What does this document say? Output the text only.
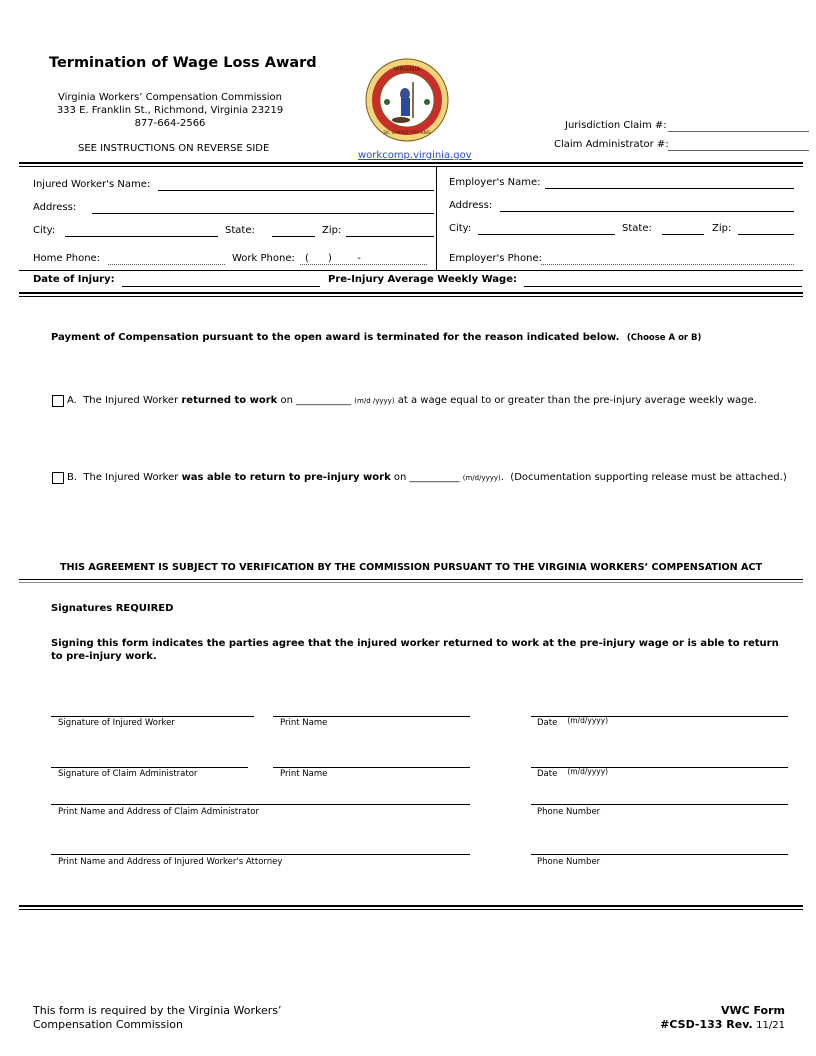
Termination of Wage Loss Award
Virginia Workers’ Compensation Commission
333 E. Franklin St., Richmond, Virginia 23219
877-664-2566
SEE INSTRUCTIONS ON REVERSE SIDE
VIRGINIA
SIC SEMPER TYRANNIS
workcomp.virginia.gov
Jurisdiction Claim #:
Claim Administrator #:
Injured Worker's Name:
Address:
City:	State:	Zip:
Home Phone:	Work Phone: (      )        -
Employer's Name:
Address:
City:	State:	Zip:
Employer's Phone:
Date of Injury:	Pre-Injury Average Weekly Wage:
Payment of Compensation pursuant to the open award is terminated for the reason indicated below. (Choose A or B)
A.  The Injured Worker returned to work on ___________ (m/d /yyyy) at a wage equal to or greater than the pre-injury average weekly wage.
B.  The Injured Worker was able to return to pre-injury work on __________ (m/d/yyyy).  (Documentation supporting release must be attached.)
THIS AGREEMENT IS SUBJECT TO VERIFICATION BY THE COMMISSION PURSUANT TO THE VIRGINIA WORKERS’ COMPENSATION ACT
Signatures REQUIRED
Signing this form indicates the parties agree that the injured worker returned to work at the pre-injury wage or is able to return to pre-injury work.
Signature of Injured Worker	Print Name	Date (m/d/yyyy)
Signature of Claim Administrator	Print Name	Date (m/d/yyyy)
Print Name and Address of Claim Administrator	Phone Number
Print Name and Address of Injured Worker's Attorney	Phone Number
This form is required by the Virginia Workers’
Compensation Commission
VWC Form
#CSD-133 Rev. 11/21
